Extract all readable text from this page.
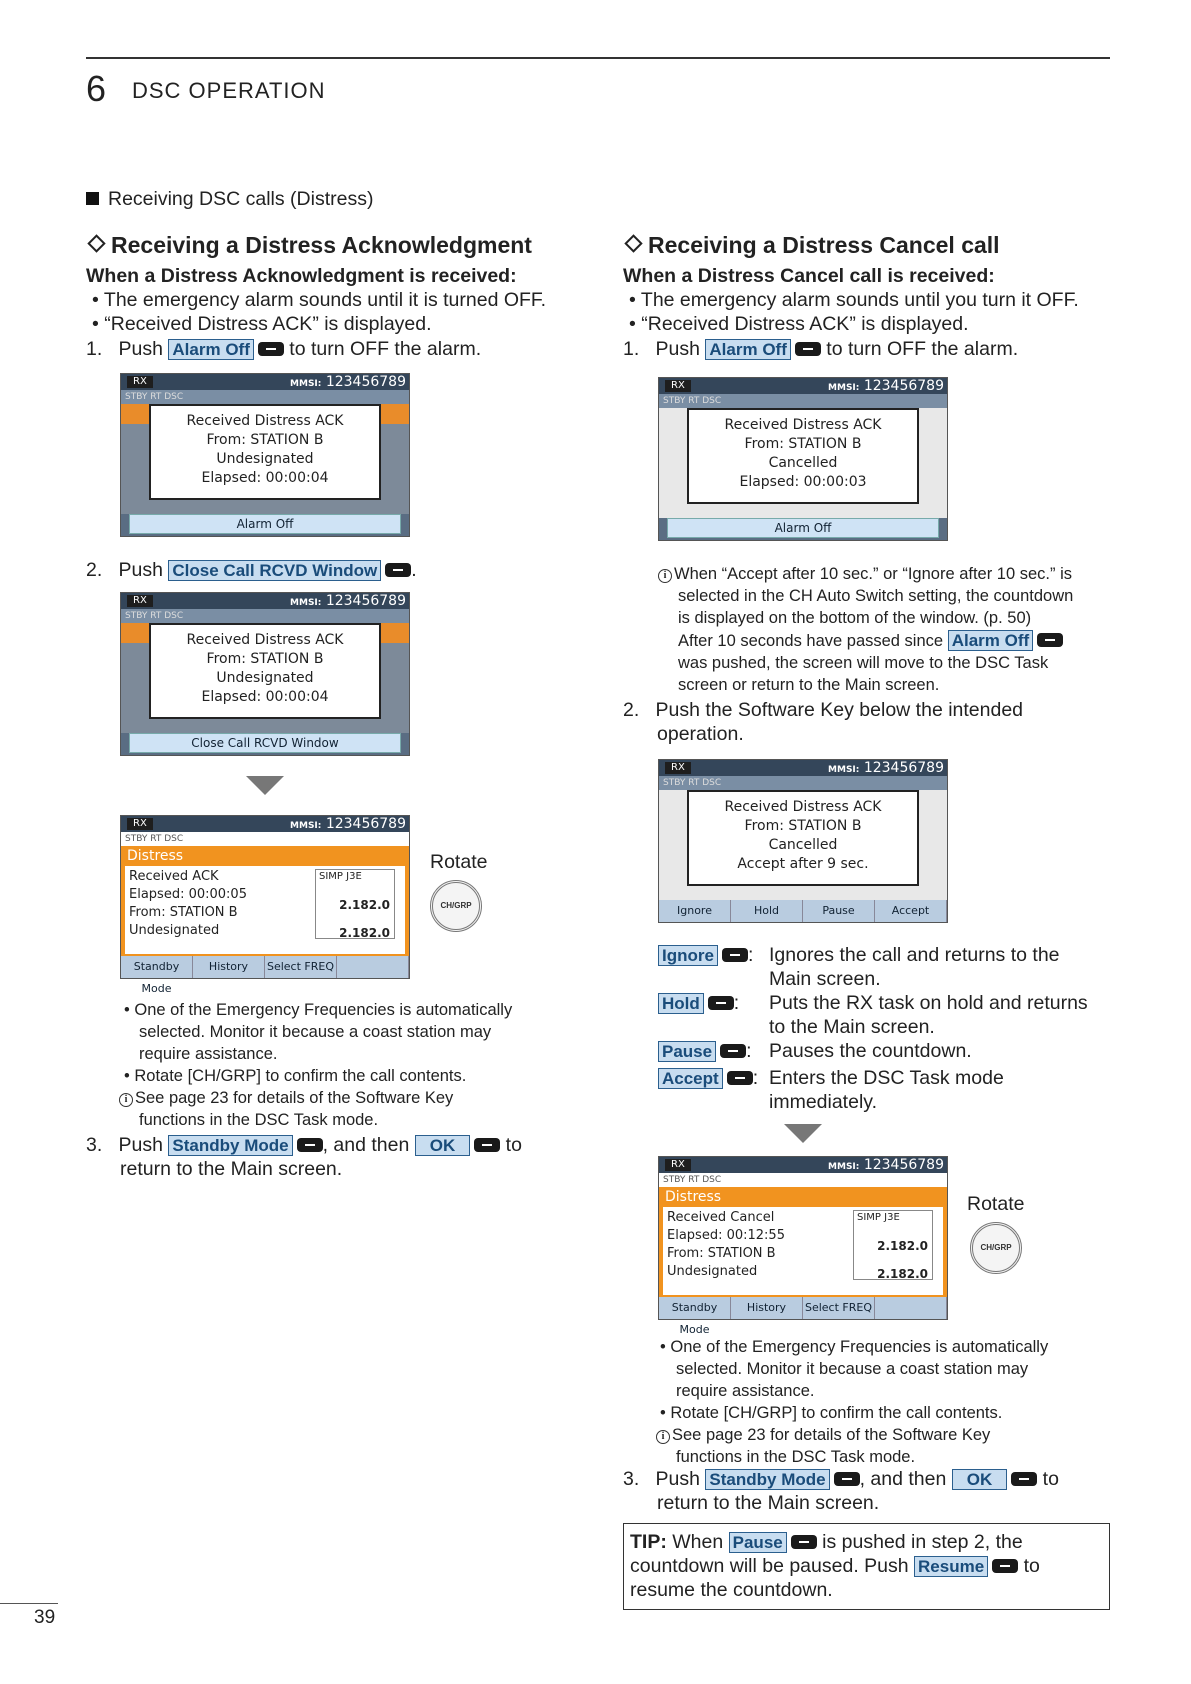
6 DSC OPERATION
Receiving DSC calls (Distress)
Receiving a Distress Acknowledgment
When a Distress Acknowledgment is received:
• The emergency alarm sounds until it is turned OFF.
• “Received Distress ACK” is displayed.
1. Push Alarm Off to turn OFF the alarm.
RX	MMSI: 123456789
STBY RT DSC
Received Distress ACK
From: STATION B
Undesignated
Elapsed: 00:00:04
Alarm Off
2. Push Close Call RCVD Window .
RX	MMSI: 123456789
STBY RT DSC
Received Distress ACK
From: STATION B
Undesignated
Elapsed: 00:00:04
Close Call RCVD Window
RX	MMSI: 123456789
STBY RT DSC
Distress
Received ACK
Elapsed: 00:00:05
From: STATION B
Undesignated
SIMP J3E
2.182.0
2.182.0
Standby Mode
History	Select FREQ
Rotate
CH/GRP
• One of the Emergency Frequencies is automatically
selected. Monitor it because a coast station may
require assistance.
• Rotate [CH/GRP] to confirm the call contents.
i See page 23 for details of the Software Key
functions in the DSC Task mode.
3. Push Standby Mode , and then OK	to
return to the Main screen.
Receiving a Distress Cancel call
When a Distress Cancel call is received:
• The emergency alarm sounds until you turn it OFF.
• “Received Distress ACK” is displayed.
1. Push Alarm Off to turn OFF the alarm.
RX	MMSI: 123456789
STBY RT DSC
Received Distress ACK
From: STATION B
Cancelled
Elapsed: 00:00:03
Alarm Off
i When “Accept after 10 sec.” or “Ignore after 10 sec.” is
selected in the CH Auto Switch setting, the countdown
is displayed on the bottom of the window. (p. 50)
After 10 seconds have passed since Alarm Off
was pushed, the screen will move to the DSC Task
screen or return to the Main screen.
2. Push the Software Key below the intended
operation.
RX	MMSI: 123456789
STBY RT DSC
Received Distress ACK
From: STATION B
Cancelled
Accept after 9 sec.
Ignore	Hold	Pause	Accept
Ignore : Ignores the call and returns to the
Main screen.
Hold : Puts the RX task on hold and returns
to the Main screen.
Pause : Pauses the countdown.
Accept : Enters the DSC Task mode
immediately.
RX	MMSI: 123456789
STBY RT DSC
Distress
Received Cancel
Elapsed: 00:12:55
From: STATION B
Undesignated
SIMP J3E
2.182.0
2.182.0
Standby Mode
History	Select FREQ
Rotate
CH/GRP
• One of the Emergency Frequencies is automatically
selected. Monitor it because a coast station may
require assistance.
• Rotate [CH/GRP] to confirm the call contents.
i See page 23 for details of the Software Key
functions in the DSC Task mode.
3. Push Standby Mode , and then OK	to
return to the Main screen.
TIP: When Pause is pushed in step 2, the
countdown will be paused. Push Resume to
resume the countdown.
39
